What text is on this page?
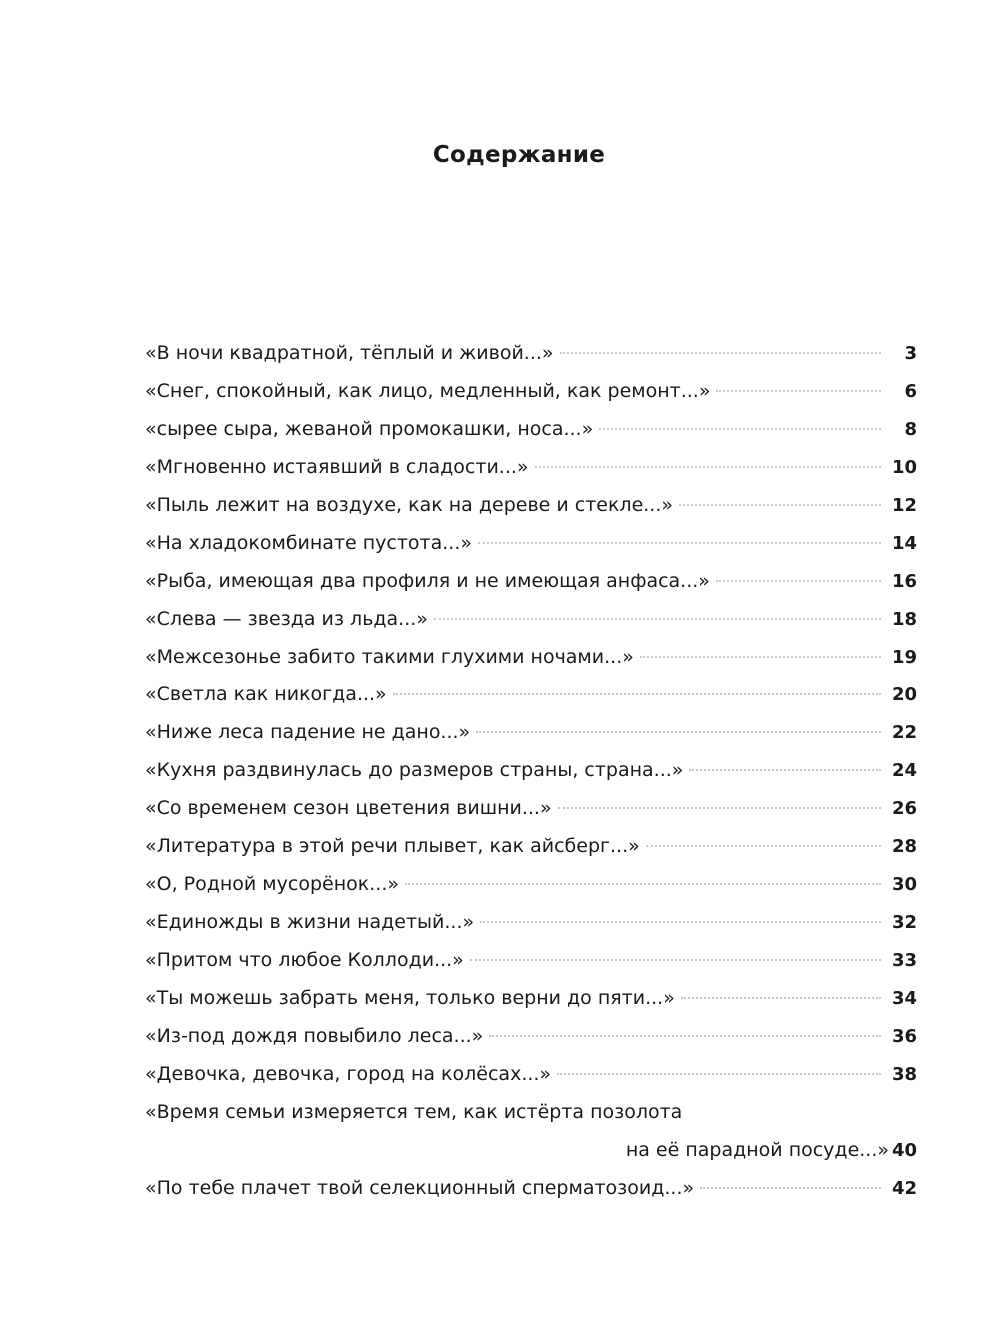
Содержание
«В ночи квадратной, тёплый и живой...»	3
«Снег, спокойный, как лицо, медленный, как ремонт...»	6
«сырее сыра, жеваной промокашки, носа...»	8
«Мгновенно истаявший в сладости...»	10
«Пыль лежит на воздухе, как на дереве и стекле...»	12
«На хладокомбинате пустота...»	14
«Рыба, имеющая два профиля и не имеющая анфаса...»	16
«Слева — звезда из льда...»	18
«Межсезонье забито такими глухими ночами...»	19
«Светла как никогда...»	20
«Ниже леса падение не дано...»	22
«Кухня раздвинулась до размеров страны, страна...»	24
«Со временем сезон цветения вишни...»	26
«Литература в этой речи плывет, как айсберг...»	28
«О, Родной мусорёнок...»	30
«Единожды в жизни надетый...»	32
«Притом что любое Коллоди...»	33
«Ты можешь забрать меня, только верни до пяти...»	34
«Из-под дождя повыбило леса...»	36
«Девочка, девочка, город на колёсах...»	38
«Время семьи измеряется тем, как истёрта позолота
на её парадной посуде...» 40
«По тебе плачет твой селекционный сперматозоид...»	42
